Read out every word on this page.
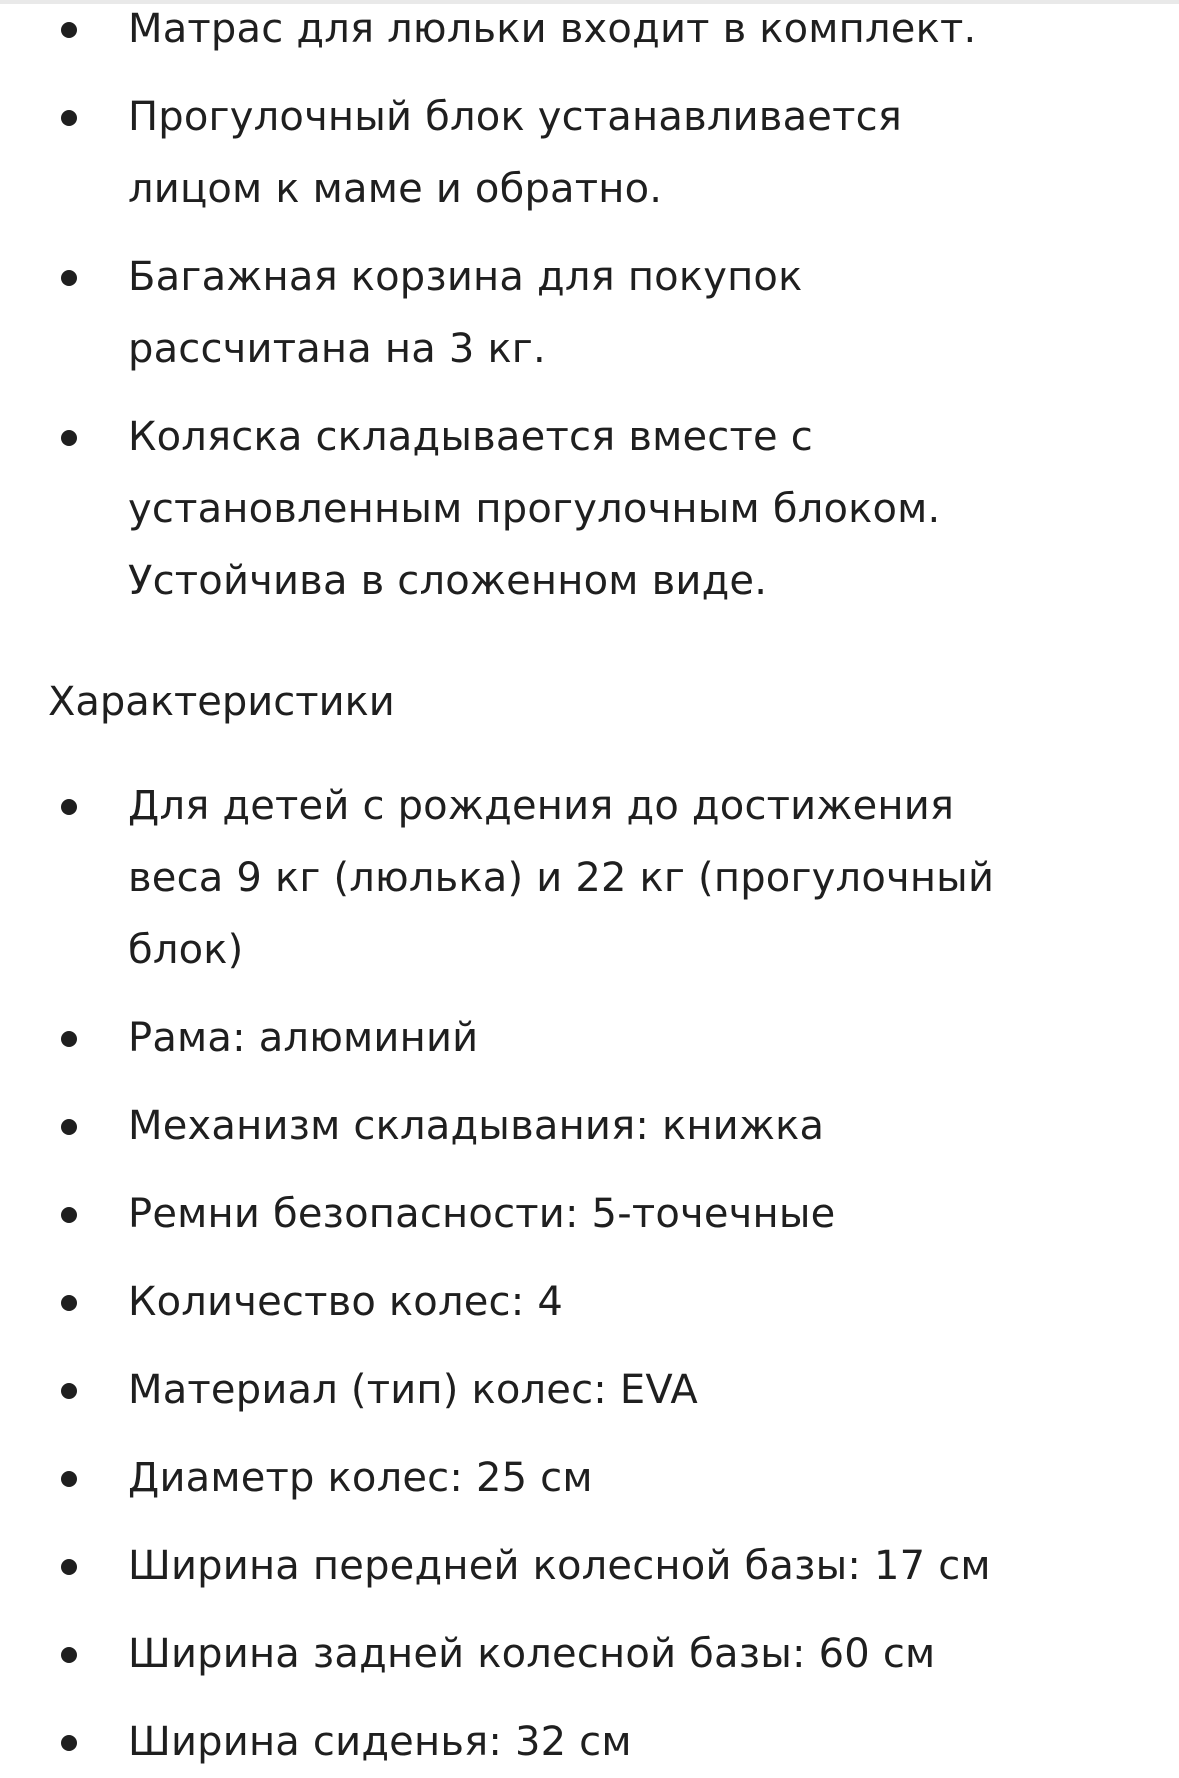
Матрас для люльки входит в комплект.
Прогулочный блок устанавливается лицом к маме и обратно.
Багажная корзина для покупок рассчитана на 3 кг.
Коляска складывается вместе с установленным прогулочным блоком. Устойчива в сложенном виде.
Характеристики
Для детей с рождения до достижения веса 9 кг (люлька) и 22 кг (прогулочный блок)
Рама: алюминий
Механизм складывания: книжка
Ремни безопасности: 5-точечные
Количество колес: 4
Материал (тип) колес: EVA
Диаметр колес: 25 см
Ширина передней колесной базы: 17 см
Ширина задней колесной базы: 60 см
Ширина сиденья: 32 см
